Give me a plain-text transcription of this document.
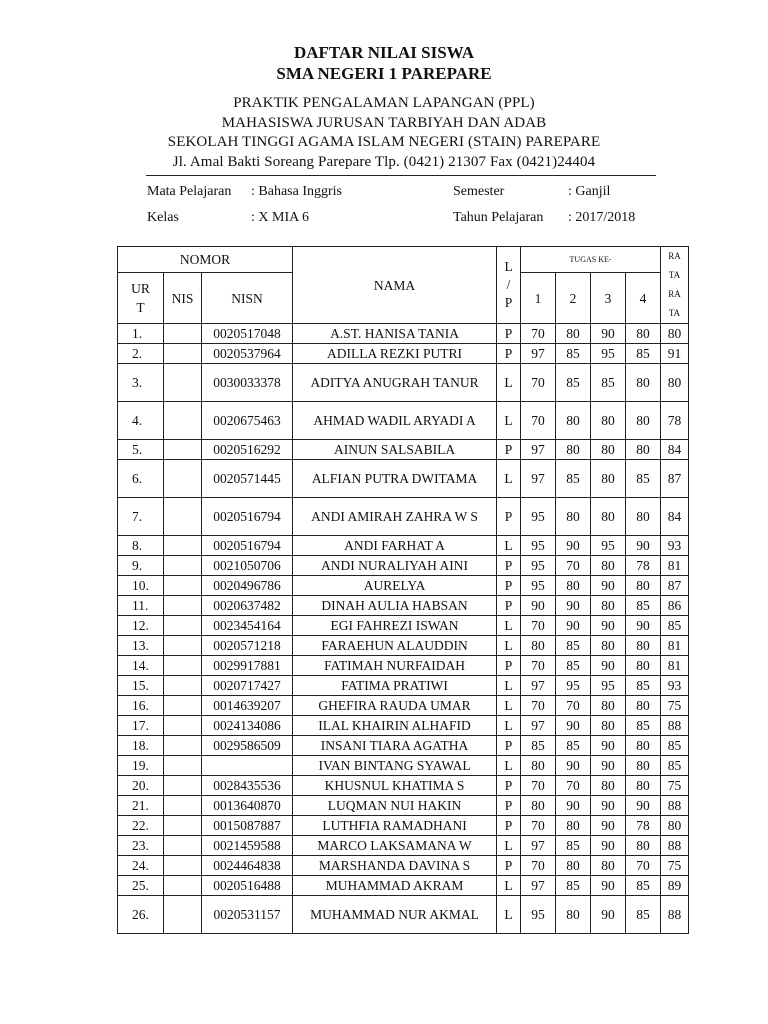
DAFTAR NILAI SISWA
SMA NEGERI 1 PAREPARE
PRAKTIK PENGALAMAN LAPANGAN (PPL)
MAHASISWA JURUSAN TARBIYAH DAN ADAB
SEKOLAH TINGGI AGAMA ISLAM NEGERI (STAIN) PAREPARE
Jl. Amal Bakti Soreang Parepare Tlp. (0421) 21307 Fax (0421)24404
Mata Pelajaran : Bahasa Inggris
Kelas	: X MIA 6
Semester	: Ganjil
Tahun Pelajaran : 2017/2018
NOMOR			NAMA	L / P	TUGAS KE-				RA TA RA TA
UR T	NIS	NISN			1	2	3	4	
1.		0020517048	A.ST. HANISA TANIA	P	70	80	90	80	80
2.		0020537964	ADILLA REZKI PUTRI	P	97	85	95	85	91
3.		0030033378	ADITYA ANUGRAH TANUR	L	70	85	85	80	80
4.		0020675463	AHMAD WADIL ARYADI A	L	70	80	80	80	78
5.		0020516292	AINUN SALSABILA	P	97	80	80	80	84
6.		0020571445	ALFIAN PUTRA DWITAMA	L	97	85	80	85	87
7.		0020516794	ANDI AMIRAH ZAHRA W S	P	95	80	80	80	84
8.		0020516794	ANDI FARHAT A	L	95	90	95	90	93
9.		0021050706	ANDI NURALIYAH AINI	P	95	70	80	78	81
10.		0020496786	AURELYA	P	95	80	90	80	87
11.		0020637482	DINAH AULIA HABSAN	P	90	90	80	85	86
12.		0023454164	EGI FAHREZI ISWAN	L	70	90	90	90	85
13.		0020571218	FARAEHUN ALAUDDIN	L	80	85	80	80	81
14.		0029917881	FATIMAH NURFAIDAH	P	70	85	90	80	81
15.		0020717427	FATIMA PRATIWI	L	97	95	95	85	93
16.		0014639207	GHEFIRA RAUDA UMAR	L	70	70	80	80	75
17.		0024134086	ILAL KHAIRIN ALHAFID	L	97	90	80	85	88
18.		0029586509	INSANI TIARA AGATHA	P	85	85	90	80	85
19.			IVAN BINTANG SYAWAL	L	80	90	90	80	85
20.		0028435536	KHUSNUL KHATIMA S	P	70	70	80	80	75
21.		0013640870	LUQMAN NUI HAKIN	P	80	90	90	90	88
22.		0015087887	LUTHFIA RAMADHANI	P	70	80	90	78	80
23.		0021459588	MARCO LAKSAMANA W	L	97	85	90	80	88
24.		0024464838	MARSHANDA DAVINA S	P	70	80	80	70	75
25.		0020516488	MUHAMMAD AKRAM	L	97	85	90	85	89
26.		0020531157	MUHAMMAD NUR AKMAL	L	95	80	90	85	88
